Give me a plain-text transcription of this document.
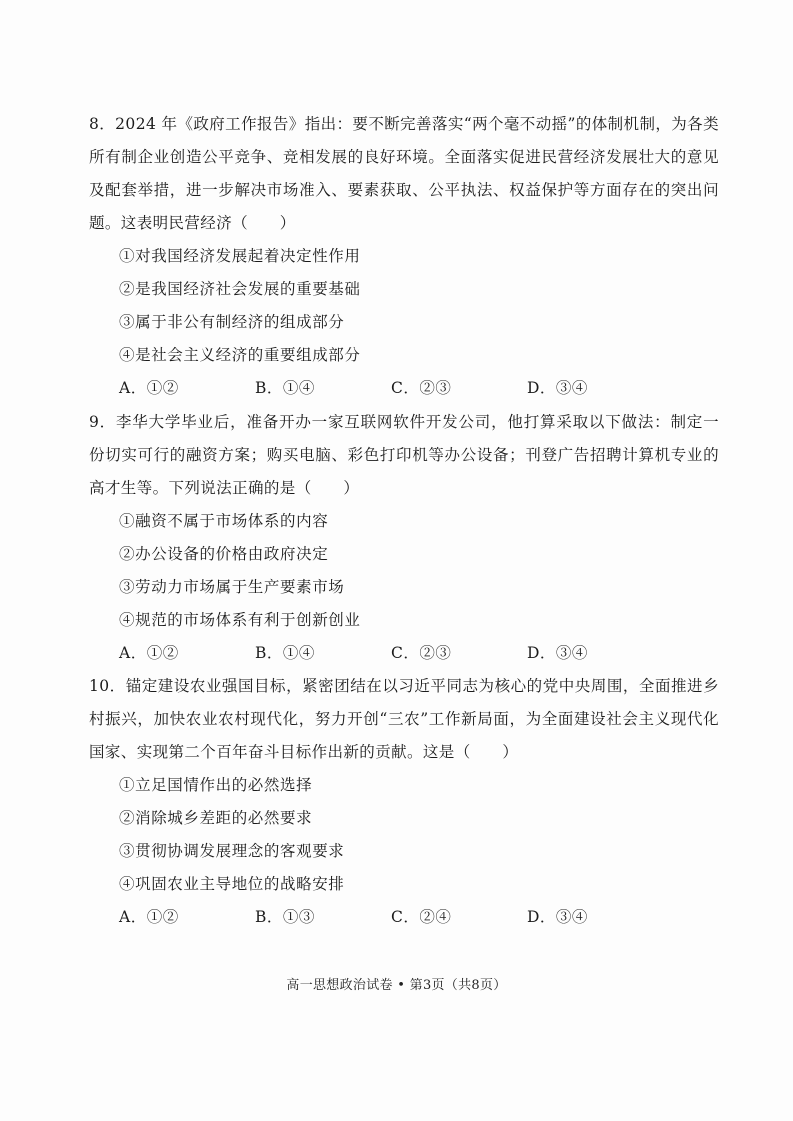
8．2024 年《政府工作报告》指出：要不断完善落实“两个毫不动摇”的体制机制，为各类所有制企业创造公平竞争、竞相发展的良好环境。全面落实促进民营经济发展壮大的意见及配套举措，进一步解决市场准入、要素获取、公平执法、权益保护等方面存在的突出问题。这表明民营经济（　　）

①对我国经济发展起着决定性作用
②是我国经济社会发展的重要基础
③属于非公有制经济的组成部分
④是社会主义经济的重要组成部分
A．①②	B．①④	C．②③	D．③④

9．李华大学毕业后，准备开办一家互联网软件开发公司，他打算采取以下做法：制定一份切实可行的融资方案；购买电脑、彩色打印机等办公设备；刊登广告招聘计算机专业的高才生等。下列说法正确的是（　　）

①融资不属于市场体系的内容
②办公设备的价格由政府决定
③劳动力市场属于生产要素市场
④规范的市场体系有利于创新创业
A．①②	B．①④	C．②③	D．③④

10．锚定建设农业强国目标，紧密团结在以习近平同志为核心的党中央周围，全面推进乡村振兴，加快农业农村现代化，努力开创“三农”工作新局面，为全面建设社会主义现代化国家、实现第二个百年奋斗目标作出新的贡献。这是（　　）

①立足国情作出的必然选择
②消除城乡差距的必然要求
③贯彻协调发展理念的客观要求
④巩固农业主导地位的战略安排
A．①②	B．①③	C．②④	D．③④
高一思想政治试卷 • 第3页（共8页）
